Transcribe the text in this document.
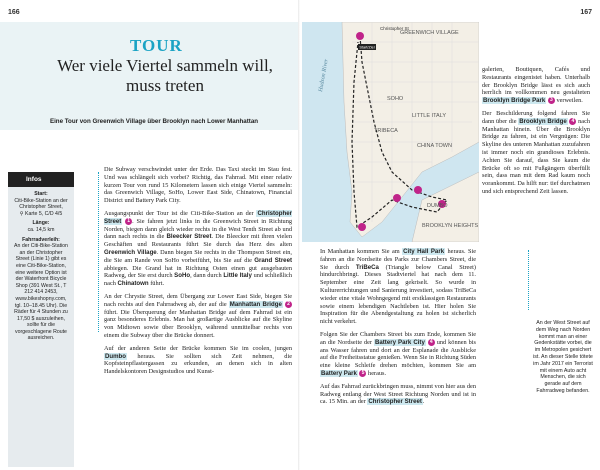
166
TOUR
Wer viele Viertel sammeln will,
muss treten
Eine Tour von Greenwich Village über Brooklyn nach Lower Manhattan
Infos
Start:
Citi-Bike-Station an der Christopher Street,
⚲ Karte 5, C/D 4/5
Länge:
ca. 14,5 km
Fahrradverleih:
An der Citi-Bike-Station an der Christopher Street (Linie 1) gibt es eine Citi-Bike-Station, eine weitere Option ist der Waterfront Bicycle Shop (391 West St., T 212 414 2453, www.bikeshopny.com, tgl. 10–18.45 Uhr). Die Räder für 4 Stunden zu 17,50 $ auszuleihen, sollte für die vorgeschlagene Route ausreichen.

Die Subway verschwindet unter der Erde. Das Taxi steckt im Stau fest. Und was schlängelt sich vorbei? Richtig, das Fahrrad. Mit einer relativ kurzen Tour von rund 15 Kilometern lassen sich einige Viertel sammeln: das Greenwich Village, SoHo, Lower East Side, Chinatown, Financial District und Battery Park City.

Ausgangspunkt der Tour ist die Citi-Bike-Station an der Christopher Street 1 . Sie fahren jetzt links in die Greenwich Street in Richtung Norden, biegen dann gleich wieder rechts in die West Tenth Street ab und dann nach rechts in die Bleecker Street. Die Bleecker mit ihren vielen Geschäften und Restaurants führt Sie durch das Herz des alten Greenwich Village. Dann biegen Sie rechts in die Thompson Street ein, die Sie am Rande von SoHo vorbeiführt, bis Sie auf die Grand Street abbiegen. Die Grand hat in Richtung Osten einen gut ausgebauten Radweg, der Sie erst durch SoHo, dann durch Little Italy und schließlich nach Chinatown führt.

An der Chrystie Street, dem Übergang zur Lower East Side, biegen Sie nach rechts auf den Fahrradweg ab, der auf die Manhattan Bridge 2 führt. Die Überquerung der Manhattan Bridge auf dem Fahrrad ist ein ganz besonderes Erlebnis. Man hat großartige Ausblicke auf die Skyline von Midtown sowie über Brooklyn, während unmittelbar rechts von einem die Subway über die Brücke donnert.

Auf der anderen Seite der Brücke kommen Sie im coolen, jungen Dumbo heraus. Sie sollten sich Zeit nehmen, die Kopfsteinpflastergassen zu erkunden, an denen sich in alten Handelskontoren Designstudios und Kunst-

167
GREENWICH VILLAGE
SOHO
LITTLE ITALY
TRIBECA
CHINA TOWN
DUMBO
BROOKLYN HEIGHTS
Hudson River
Start/Ziel
Christopher St

galerien, Boutiquen, Cafés und Restaurants eingenistet haben. Unterhalb der Brooklyn Bridge lässt es sich auch herrlich im vollkommen neu gestalteten Brooklyn Bridge Park 3 verweilen.

Der Beschilderung folgend fahren Sie dann über die Brooklyn Bridge 4 nach Manhattan hinein. Über die Brooklyn Bridge zu fahren, ist ein Vergnügen: Die Skyline des unteren Manhattan zuzufahren ist immer noch ein grandioses Erlebnis. Achten Sie darauf, dass Sie kaum die Brücke oft so mit Fußgängern überfüllt sein, dass man mit dem Rad kaum noch vorankommt. Da hilft nur: tief durchatmen und sich entsprechend Zeit lassen.

In Manhattan kommen Sie am City Hall Park heraus. Sie fahren an die Nordseite des Parks zur Chambers Street, die Sie durch TriBeCa (Triangle below Canal Street) hindurchbringt. Dieses Stadtviertel hat nach dem 11. September eine Zeit lang gekriselt. So wurde in Kulturerrichtungen und Sanierung investiert, sodass TriBeCa wieder eine vitale Wohngegend mit erstklassigen Restaurants sowie einem lebendigen Nachtleben ist. Hier holen Sie Inspiration für die Abendgestaltung zu holen ist sicherlich nicht verkehrt.

Folgen Sie der Chambers Street bis zum Ende, kommen Sie an die Nordseite der Battery Park City 4 und können bis ans Wasser fahren und dort an der Esplanade die Ausblicke auf die Freiheitsstatue genießen. Wenn Sie in Richtung Süden eine kleine Schleife drehen möchten, kommen Sie am Battery Park 5 heraus.

Auf das Fahrrad zurückbringen muss, nimmt von hier aus den Radweg entlang der West Street Richtung Norden und ist in ca. 15 Min. an der Christopher Street.

An der West Street auf dem Weg nach Norden kommt man an einer Gedenkstätte vorbei, die im Metropolen gesichert ist. An dieser Stelle tötete im Jahr 2017 ein Terrorist mit einem Auto acht Menschen, die sich gerade auf dem Fahrradweg befanden.
